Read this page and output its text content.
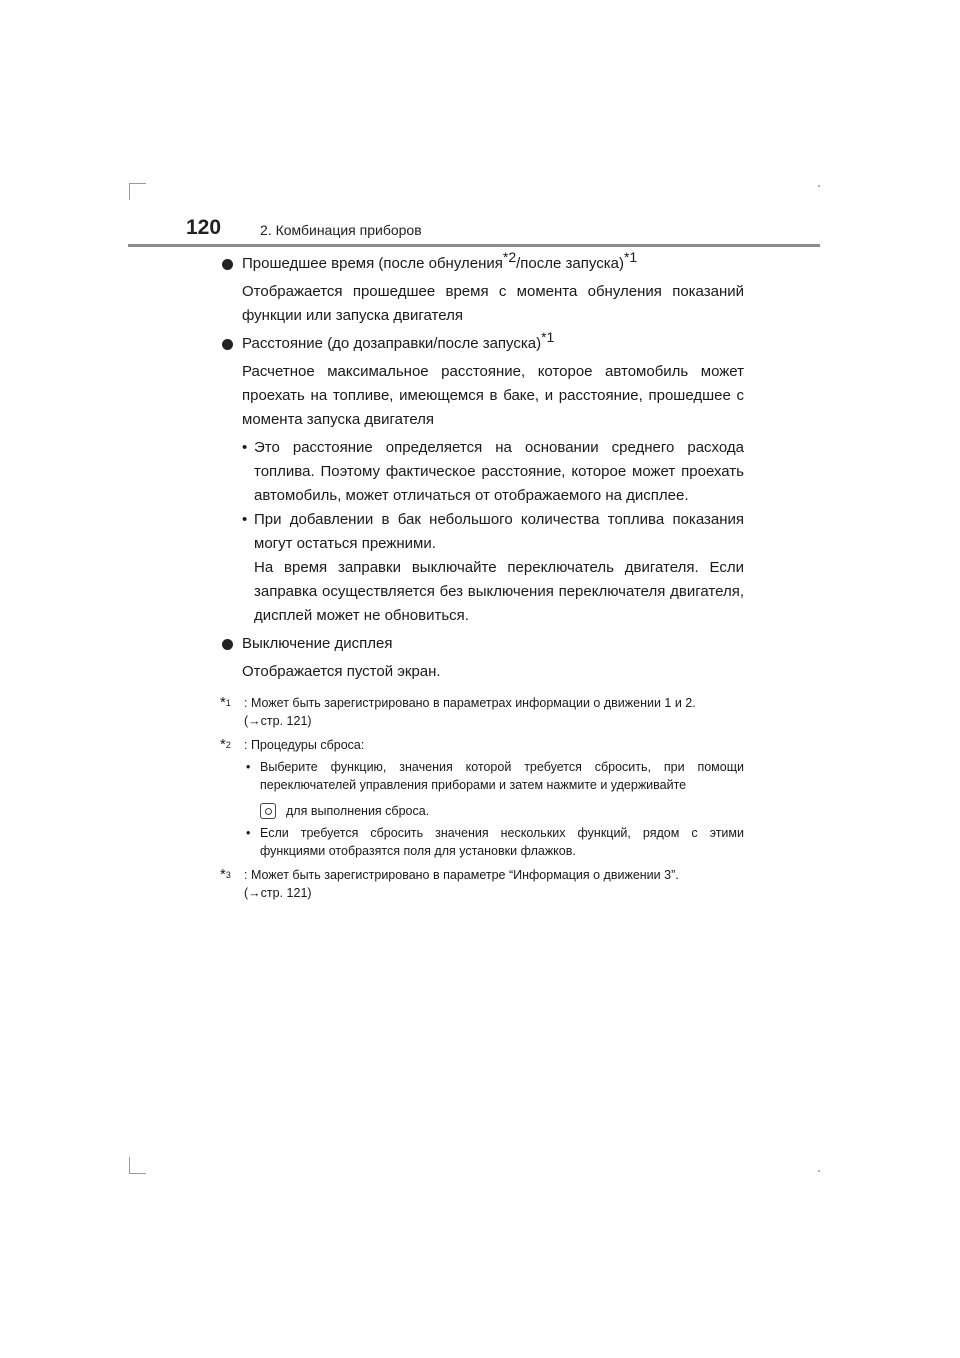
120	2. Комбинация приборов
Прошедшее время (после обнуления*2/после запуска)*1
Отображается прошедшее время с момента обнуления показаний функции или запуска двигателя
Расстояние (до дозаправки/после запуска)*1
Расчетное максимальное расстояние, которое автомобиль может проехать на топливе, имеющемся в баке, и расстояние, прошедшее с момента запуска двигателя
• Это расстояние определяется на основании среднего расхода топлива. Поэтому фактическое расстояние, которое может проехать автомобиль, может отличаться от отображаемого на дисплее.
• При добавлении в бак небольшого количества топлива показания могут остаться прежними.
На время заправки выключайте переключатель двигателя. Если заправка осуществляется без выключения переключателя двигателя, дисплей может не обновиться.
Выключение дисплея
Отображается пустой экран.
*$^1$ : Может быть зарегистрировано в параметрах информации о движении 1 и 2.
(→стр. 121)
*$^2$ : Процедуры сброса:
• Выберите функцию, значения которой требуется сбросить, при помощи переключателей управления приборами и затем нажмите и удерживайте
для выполнения сброса.
• Если требуется сбросить значения нескольких функций, рядом с этими функциями отобразятся поля для установки флажков.
*$^3$ : Может быть зарегистрировано в параметре “Информация о движении 3”.
(→стр. 121)
